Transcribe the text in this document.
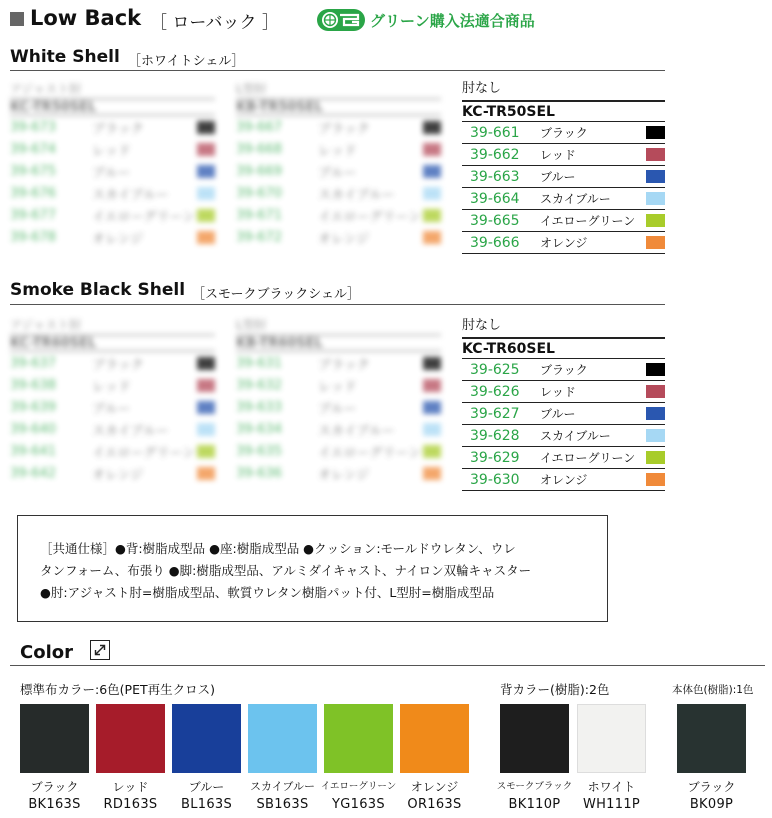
Low Back ［ ローバック ］	グリーン購入法適合商品
White Shell ［ホワイトシェル］
アジャスト肘
KC-TR50SEL
39-673	ブラック
39-674	レッド
39-675	ブルー
39-676	スカイブルー
39-677	イエローグリーン
39-678	オレンジ
L型肘
KB-TR50SEL
39-667	ブラック
39-668	レッド
39-669	ブルー
39-670	スカイブルー
39-671	イエローグリーン
39-672	オレンジ
肘なし
KC-TR50SEL
39-661	ブラック
39-662	レッド
39-663	ブルー
39-664	スカイブルー
39-665	イエローグリーン
39-666	オレンジ
Smoke Black Shell ［スモークブラックシェル］
アジャスト肘
KC-TR60SEL
39-637	ブラック
39-638	レッド
39-639	ブルー
39-640	スカイブルー
39-641	イエローグリーン
39-642	オレンジ
L型肘
KB-TR60SEL
39-631	ブラック
39-632	レッド
39-633	ブルー
39-634	スカイブルー
39-635	イエローグリーン
39-636	オレンジ
肘なし
KC-TR60SEL
39-625	ブラック
39-626	レッド
39-627	ブルー
39-628	スカイブルー
39-629	イエローグリーン
39-630	オレンジ
［共通仕様］●背:樹脂成型品 ●座:樹脂成型品 ●クッション:モールドウレタン、ウレ
タンフォーム、布張り ●脚:樹脂成型品、アルミダイキャスト、ナイロン双輪キャスター
●肘:アジャスト肘=樹脂成型品、軟質ウレタン樹脂パット付、L型肘=樹脂成型品
Color
標準布カラー:6色(PET再生クロス)	背カラー(樹脂):2色	本体色(樹脂):1色
ブラック
BK163S
レッド
RD163S
ブルー
BL163S
スカイブルー
SB163S
イエローグリーン
YG163S
オレンジ
OR163S
スモークブラック
BK110P
ホワイト
WH111P
ブラック
BK09P
